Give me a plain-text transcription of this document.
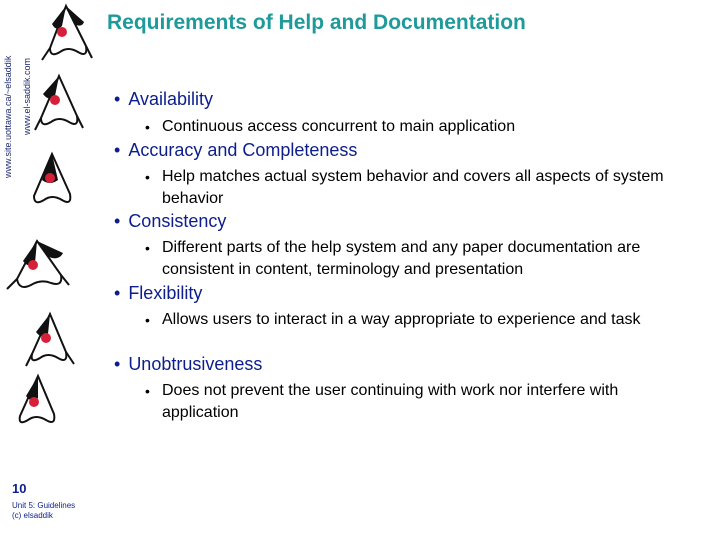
www.site.uottawa.ca/~elsaddik www.el-saddik.com
Requirements of Help and Documentation
• Availability
• Continuous access concurrent to main application
• Accuracy and Completeness
• Help matches actual system behavior and covers all aspects of system behavior
• Consistency
• Different parts of the help system and any paper documentation are consistent in content, terminology and presentation
• Flexibility
• Allows users to interact in a way appropriate to experience and task
• Unobtrusiveness
• Does not prevent the user continuing with work nor interfere with application
10
Unit 5: Guidelines
(c) elsaddik
